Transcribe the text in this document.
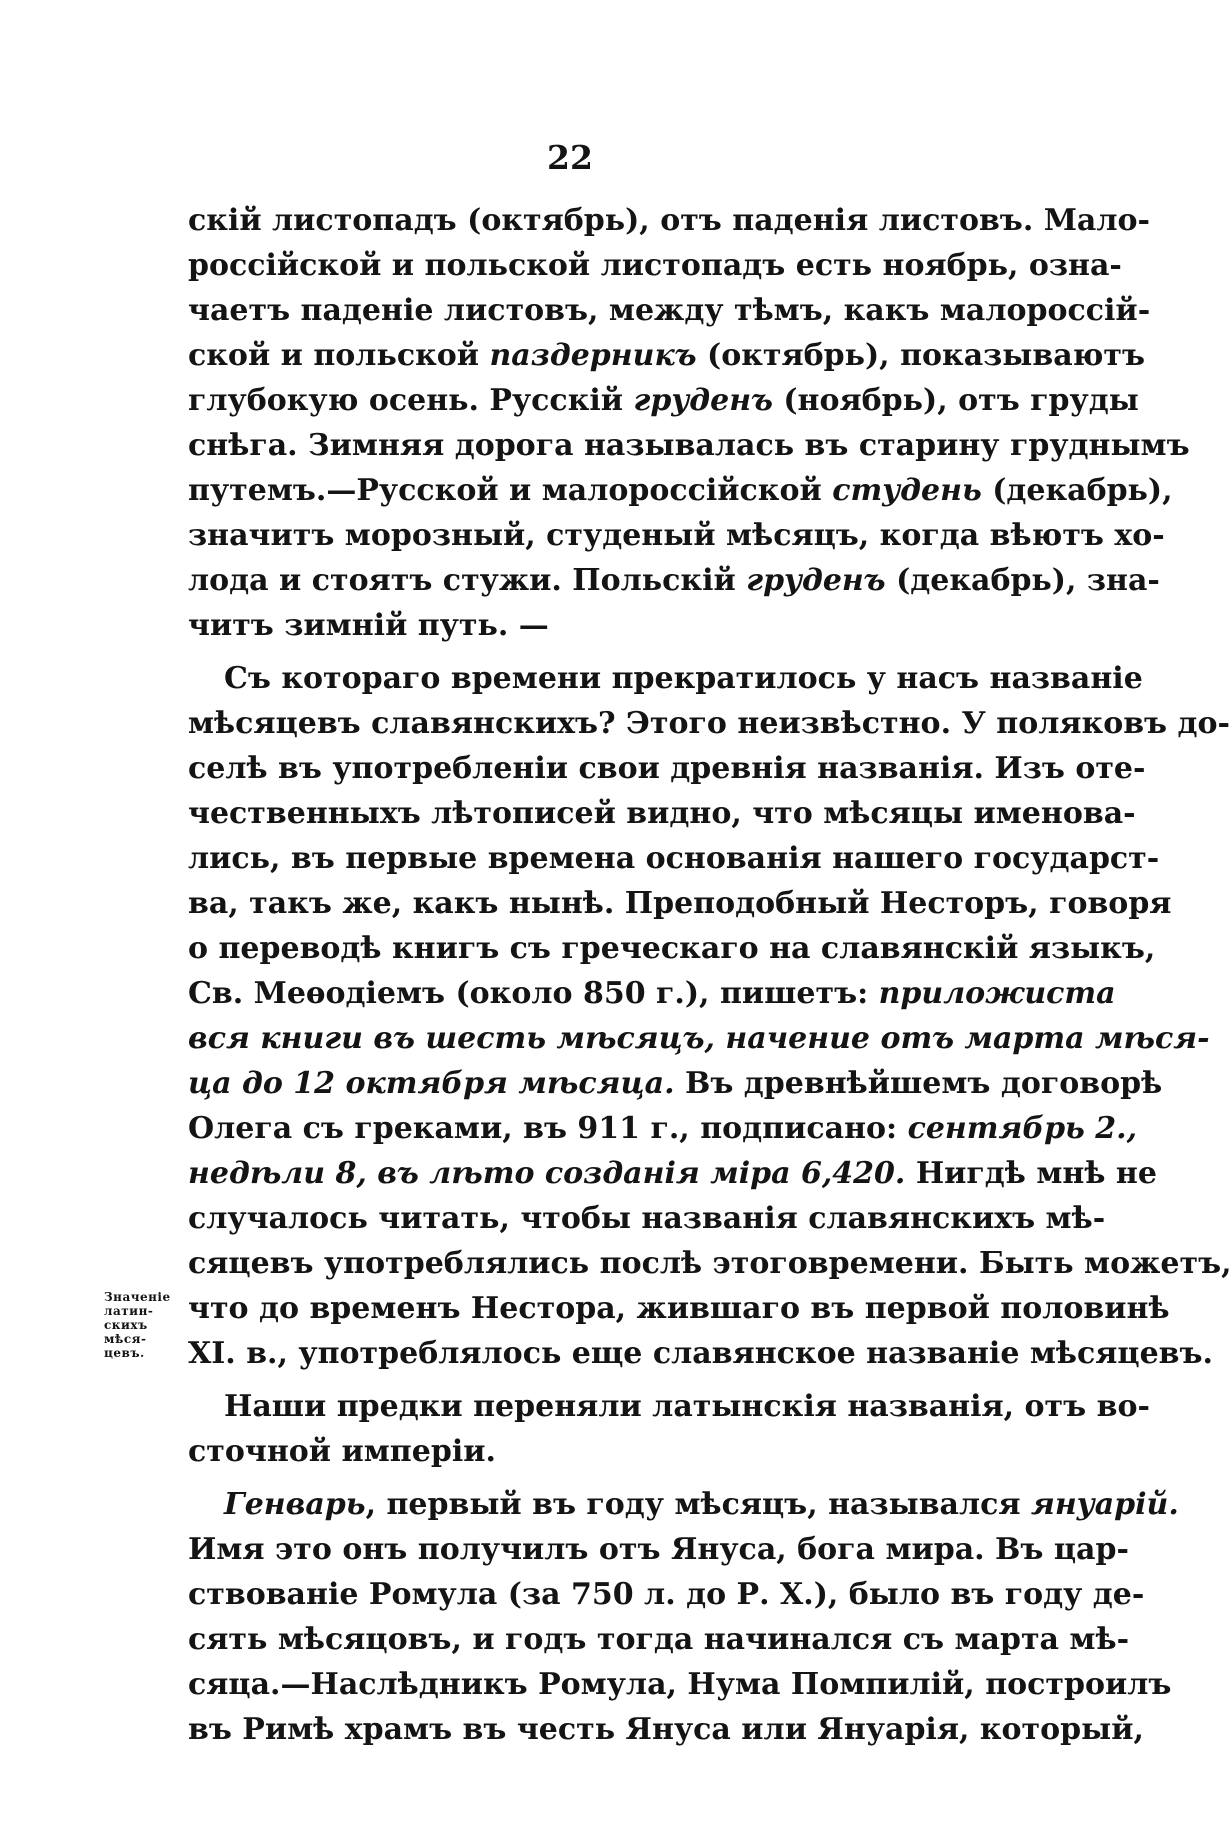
22
Значеніе
латин-
скихъ
мѣся-
цевъ.
скій листопадъ (октябрь), отъ паденія листовъ. Мало-
россійской и польской листопадъ есть ноябрь, озна-
чаетъ паденіе листовъ, между тѣмъ, какъ малороссій-
ской и польской паздерникъ (октябрь), показываютъ
глубокую осень. Русскій груденъ (ноябрь), отъ груды
снѣга. Зимняя дорога называлась въ старину груднымъ
путемъ.—Русской и малороссійской студень (декабрь),
значитъ морозный, студеный мѣсяцъ, когда вѣютъ хо-
лода и стоятъ стужи. Польскій груденъ (декабрь), зна-
читъ зимній путь. —
Съ котораго времени прекратилось у насъ названіе
мѣсяцевъ славянскихъ? Этого неизвѣстно. У поляковъ до-
селѣ въ употребленіи свои древнія названія. Изъ оте-
чественныхъ лѣтописей видно, что мѣсяцы именова-
лись, въ первые времена основанія нашего государст-
ва, такъ же, какъ нынѣ. Преподобный Несторъ, говоря
о переводѣ книгъ съ греческаго на славянскій языкъ,
Св. Меѳодіемъ (около 850 г.), пишетъ: приложиста
вся книги въ шесть мѣсяцъ, начение отъ марта мѣся-
ца до 12 октября мѣсяца. Въ древнѣйшемъ договорѣ
Олега съ греками, въ 911 г., подписано: сентябрь 2.,
недѣли 8, въ лѣто созданія міра 6,420. Нигдѣ мнѣ не
случалось читать, чтобы названія славянскихъ мѣ-
сяцевъ употреблялись послѣ этоговремени. Быть можетъ,
что до временъ Нестора, жившаго въ первой половинѣ
XI. в., употреблялось еще славянское названіе мѣсяцевъ.
Наши предки переняли латынскія названія, отъ во-
сточной имперіи.
Генварь, первый въ году мѣсяцъ, назывался януарій.
Имя это онъ получилъ отъ Януса, бога мира. Въ цар-
ствованіе Ромула (за 750 л. до Р. Х.), было въ году де-
сять мѣсяцовъ, и годъ тогда начинался съ марта мѣ-
сяца.—Наслѣдникъ Ромула, Нума Помпилій, построилъ
въ Римѣ храмъ въ честь Януса или Януарія, который,
